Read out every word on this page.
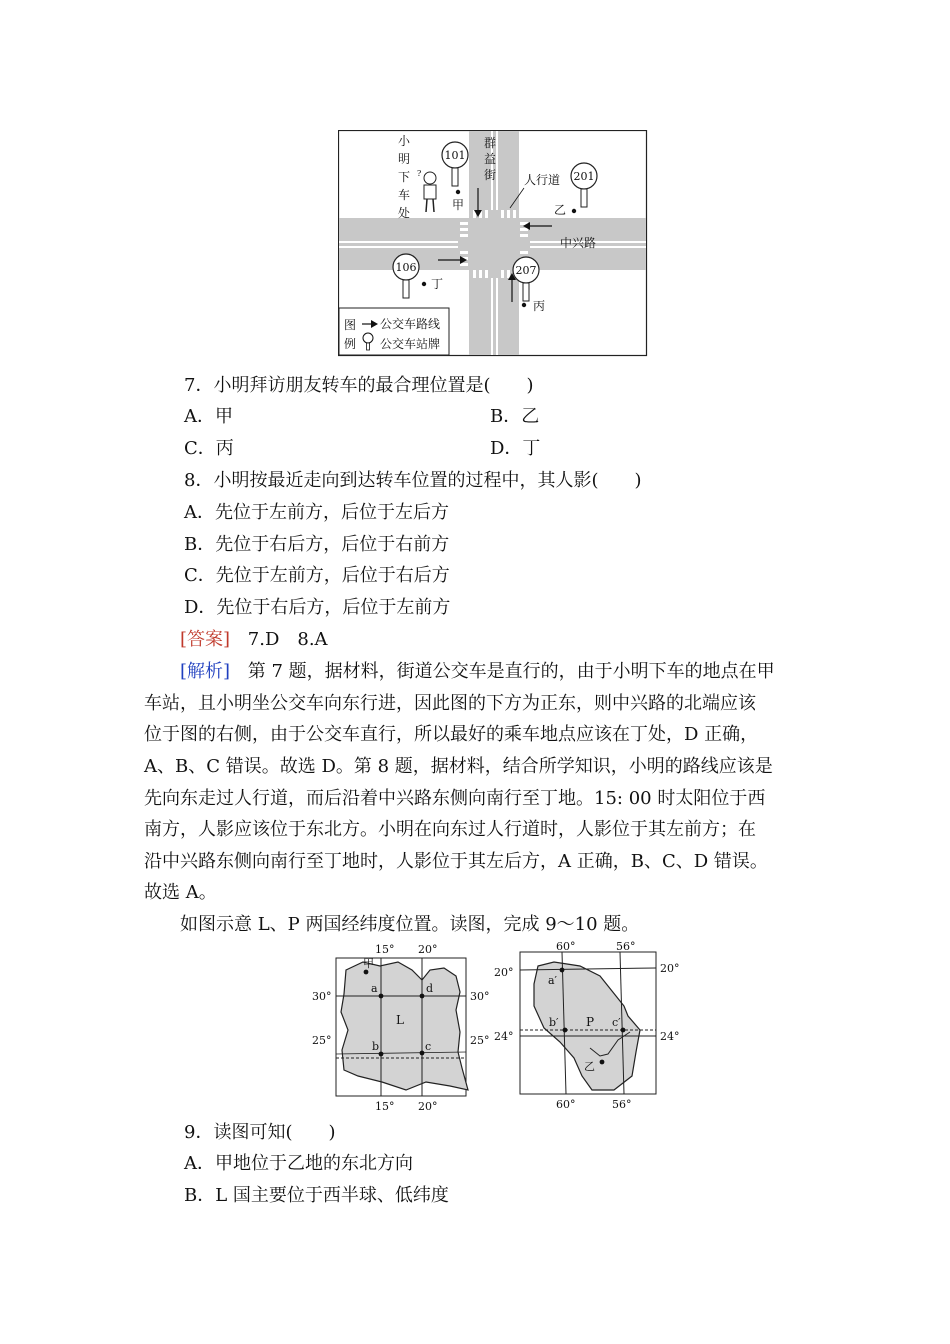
小
明
下
车
处
群
益
街
?
101
甲
人行道 201
乙
中兴路
106
丁
207
丙
图
例
公交车路线
公交车站牌
7．小明拜访朋友转车的最合理位置是(　　)
A．甲	B．乙
C．丙	D．丁
8．小明按最近走向到达转车位置的过程中，其人影(　　)
A．先位于左前方，后位于左后方
B．先位于右后方，后位于右前方
C．先位于左前方，后位于右后方
D．先位于右后方，后位于左前方
[答案] 7.D　8.A
[解析] 第 7 题，据材料，街道公交车是直行的，由于小明下车的地点在甲
车站，且小明坐公交车向东行进，因此图的下方为正东，则中兴路的北端应该
位于图的右侧，由于公交车直行，所以最好的乘车地点应该在丁处，D 正确，
A、B、C 错误。故选 D。第 8 题，据材料，结合所学知识，小明的路线应该是
先向东走过人行道，而后沿着中兴路东侧向南行至丁地。15: 00 时太阳位于西
南方，人影应该位于东北方。小明在向东过人行道时，人影位于其左前方；在
沿中兴路东侧向南行至丁地时，人影位于其左后方，A 正确，B、C、D 错误。
故选 A。
如图示意 L、P 两国经纬度位置。读图，完成 9～10 题。
15° 20°
15° 20°
30°	30°
25°	25°
甲
a	d
b	c
L
60°	56°
60°	56°
20°	20°
24°	24°
a′
b′	c′
P
乙
9．读图可知(　　)
A．甲地位于乙地的东北方向
B．L 国主要位于西半球、低纬度
